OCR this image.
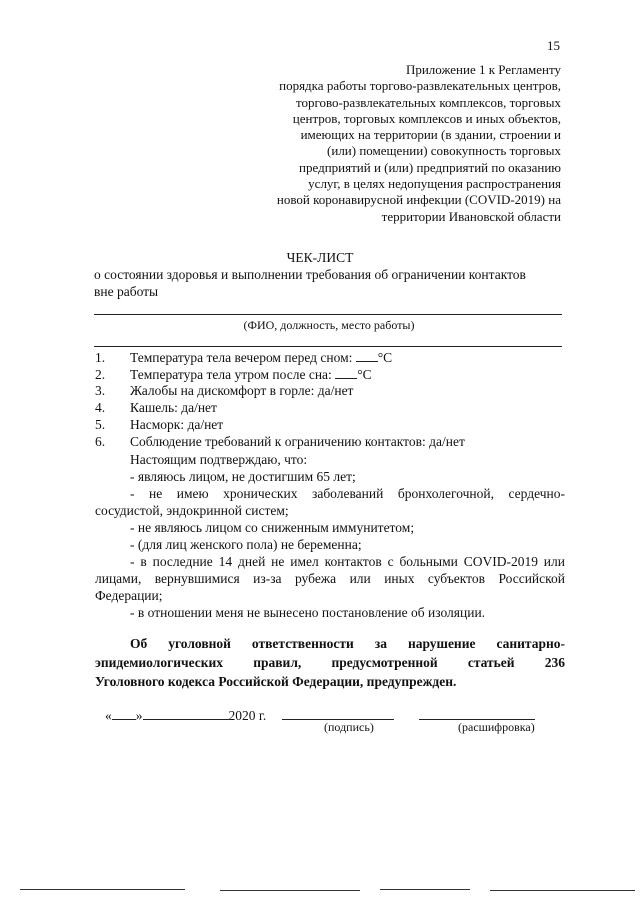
15
Приложение 1 к Регламенту
порядка работы торгово-развлекательных центров,
торгово-развлекательных комплексов, торговых
центров, торговых комплексов и иных объектов,
имеющих на территории (в здании, строении и
(или) помещении) совокупность торговых
предприятий и (или) предприятий по оказанию
услуг, в целях недопущения распространения
новой коронавирусной инфекции (COVID-2019) на
территории Ивановской области
ЧЕК-ЛИСТ
о состоянии здоровья и выполнении требования об ограничении контактов
вне работы
(ФИО, должность, место работы)
1. Температура тела вечером перед сном: °С
2. Температура тела утром после сна: °С
3. Жалобы на дискомфорт в горле: да/нет
4. Кашель: да/нет
5. Насморк: да/нет
6. Соблюдение требований к ограничению контактов: да/нет
Настоящим подтверждаю, что:
- являюсь лицом, не достигшим 65 лет;
- не имею хронических заболеваний бронхолегочной, сердечно-сосудистой, эндокринной систем;
- не являюсь лицом со сниженным иммунитетом;
- (для лиц женского пола) не беременна;
- в последние 14 дней не имел контактов с больными COVID-2019 или лицами, вернувшимися из-за рубежа или иных субъектов Российской Федерации;
- в отношении меня не вынесено постановление об изоляции.
Об уголовной ответственности за нарушение санитарно-
эпидемиологических правил, предусмотренной статьей 236
Уголовного кодекса Российской Федерации, предупрежден.
« »	2020 г.
(подпись)	(расшифровка)
